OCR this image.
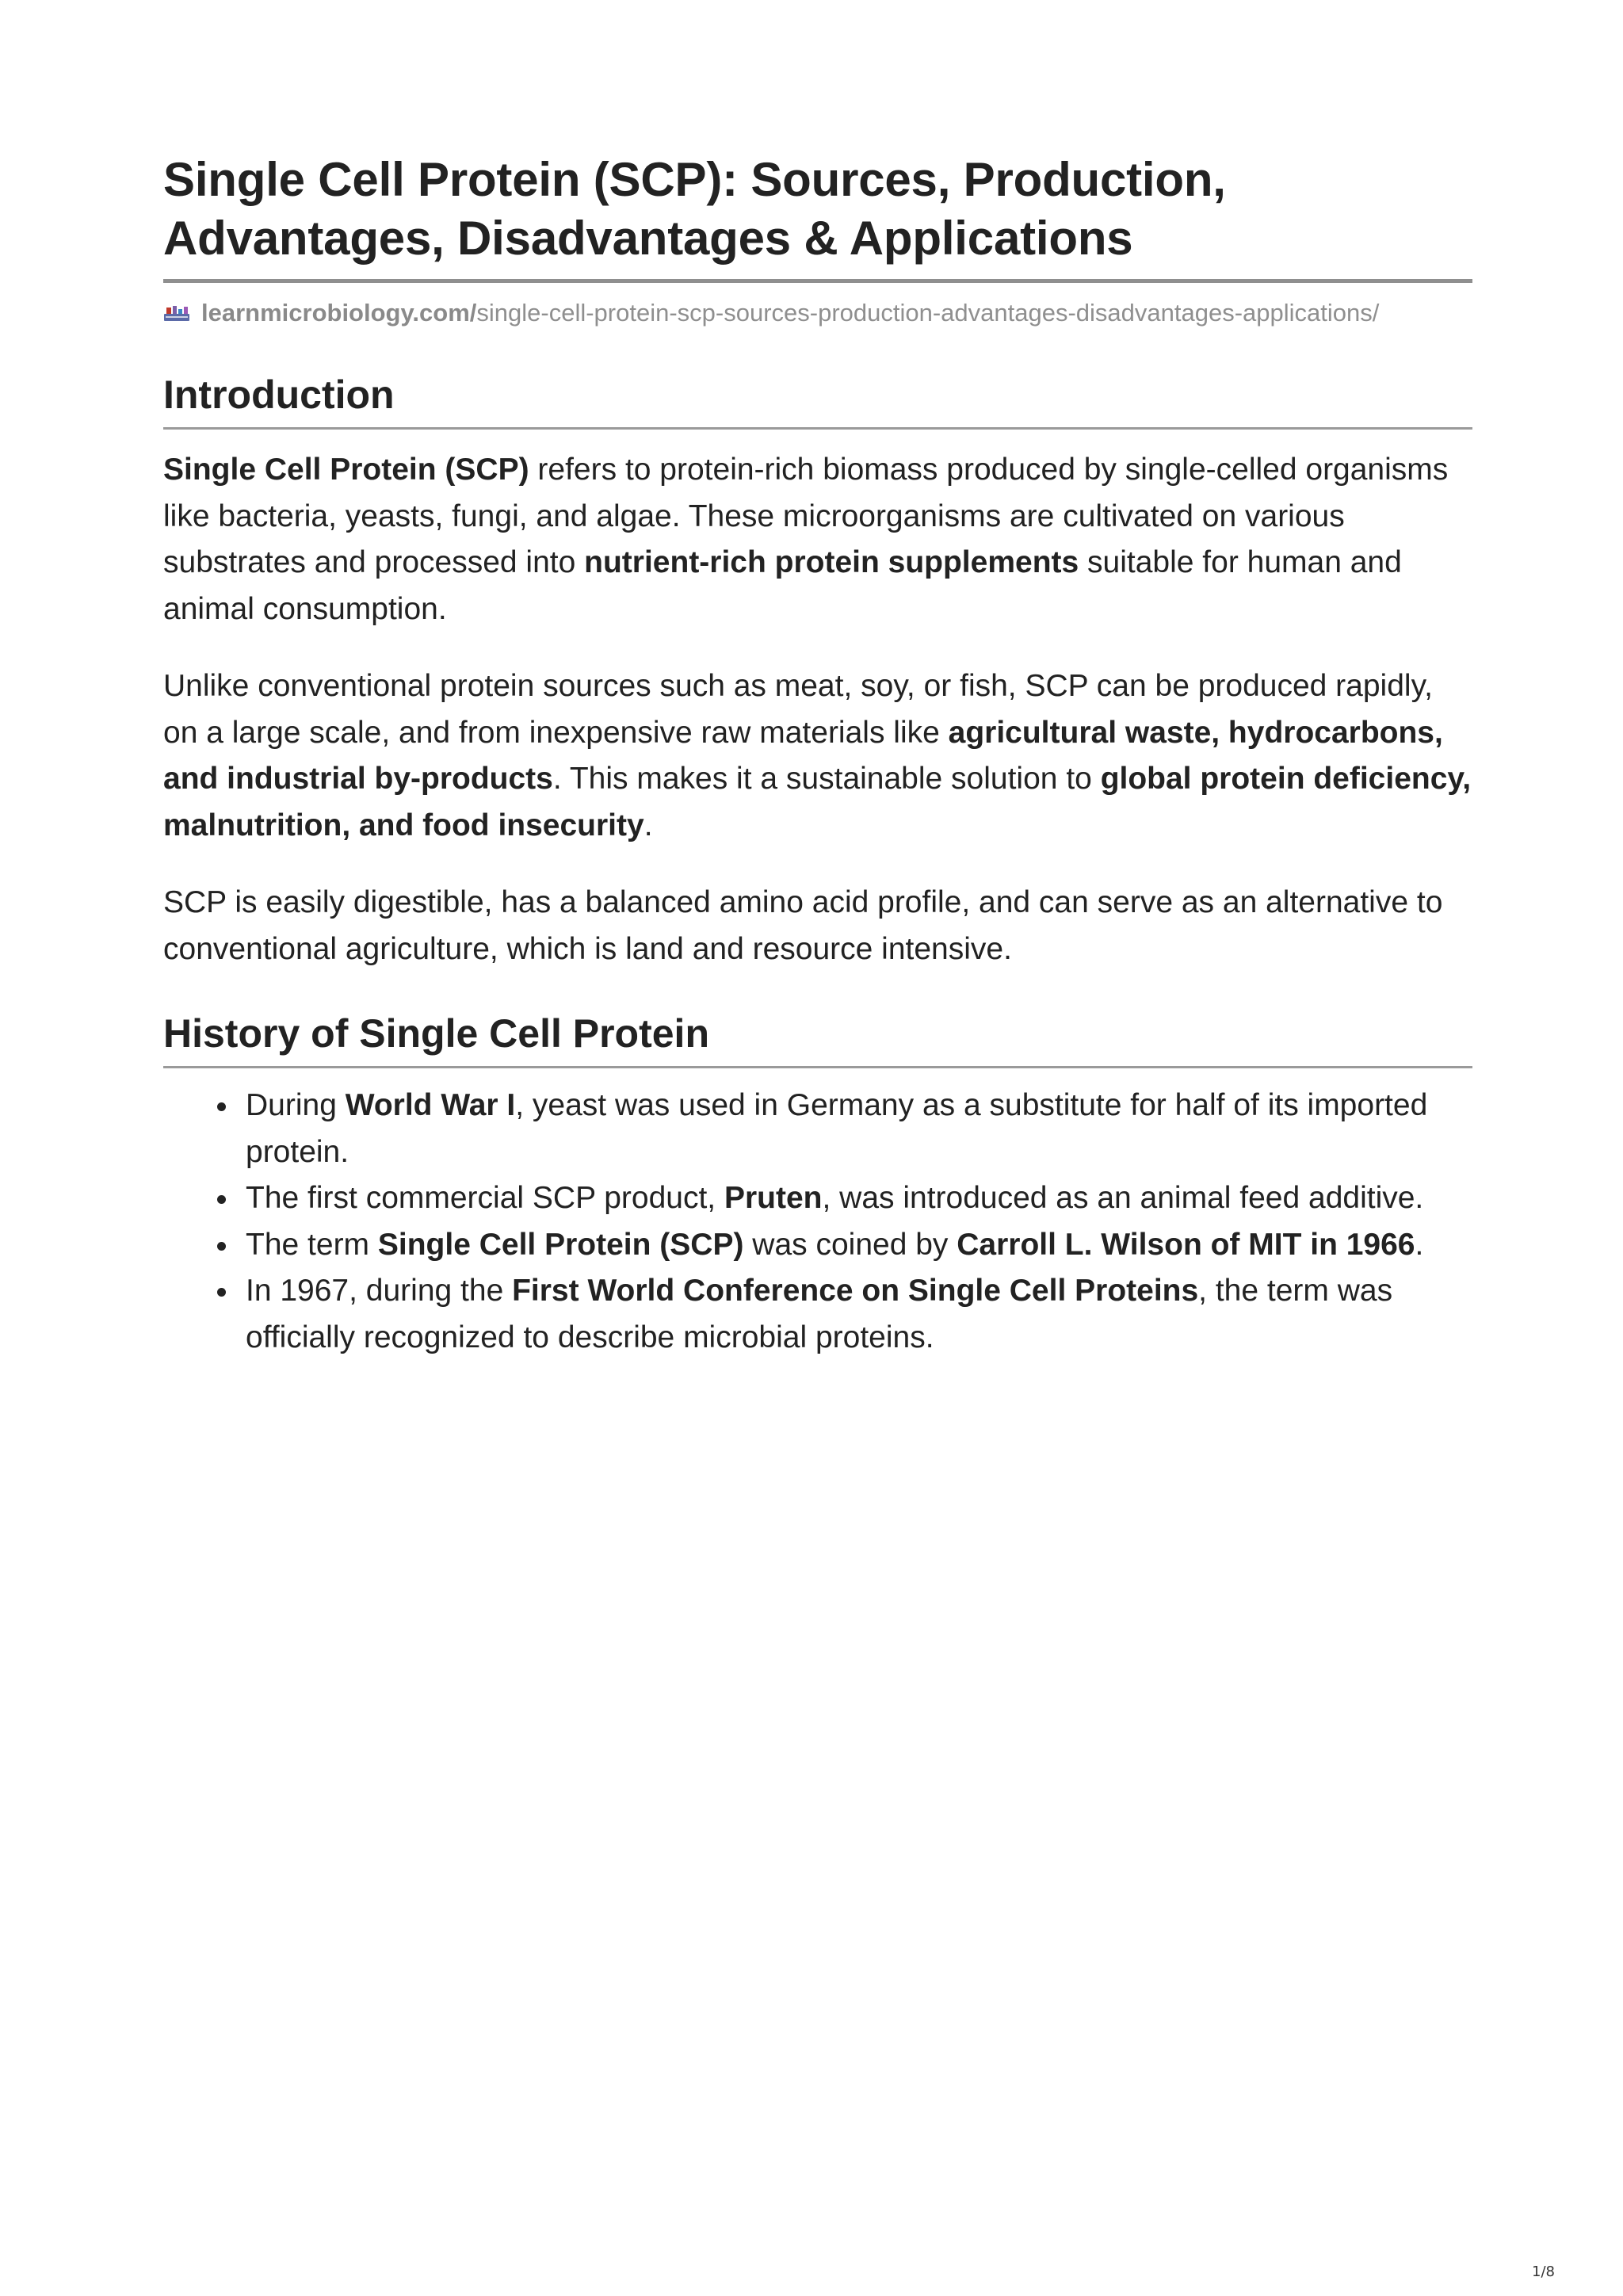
Single Cell Protein (SCP): Sources, Production,
Advantages, Disadvantages & Applications
learnmicrobiology.com/ single-cell-protein-scp-sources-production-advantages-disadvantages-applications/
Introduction

Single Cell Protein (SCP) refers to protein-rich biomass produced by single-celled organisms like bacteria, yeasts, fungi, and algae. These microorganisms are cultivated on various substrates and processed into nutrient-rich protein supplements suitable for human and animal consumption.

Unlike conventional protein sources such as meat, soy, or fish, SCP can be produced rapidly, on a large scale, and from inexpensive raw materials like agricultural waste, hydrocarbons, and industrial by-products. This makes it a sustainable solution to global protein deficiency, malnutrition, and food insecurity.

SCP is easily digestible, has a balanced amino acid profile, and can serve as an alternative to conventional agriculture, which is land and resource intensive.

History of Single Cell Protein
During World War I, yeast was used in Germany as a substitute for half of its imported protein.
The first commercial SCP product, Pruten, was introduced as an animal feed additive.
The term Single Cell Protein (SCP) was coined by Carroll L. Wilson of MIT in 1966.
In 1967, during the First World Conference on Single Cell Proteins, the term was officially recognized to describe microbial proteins.
1/8
